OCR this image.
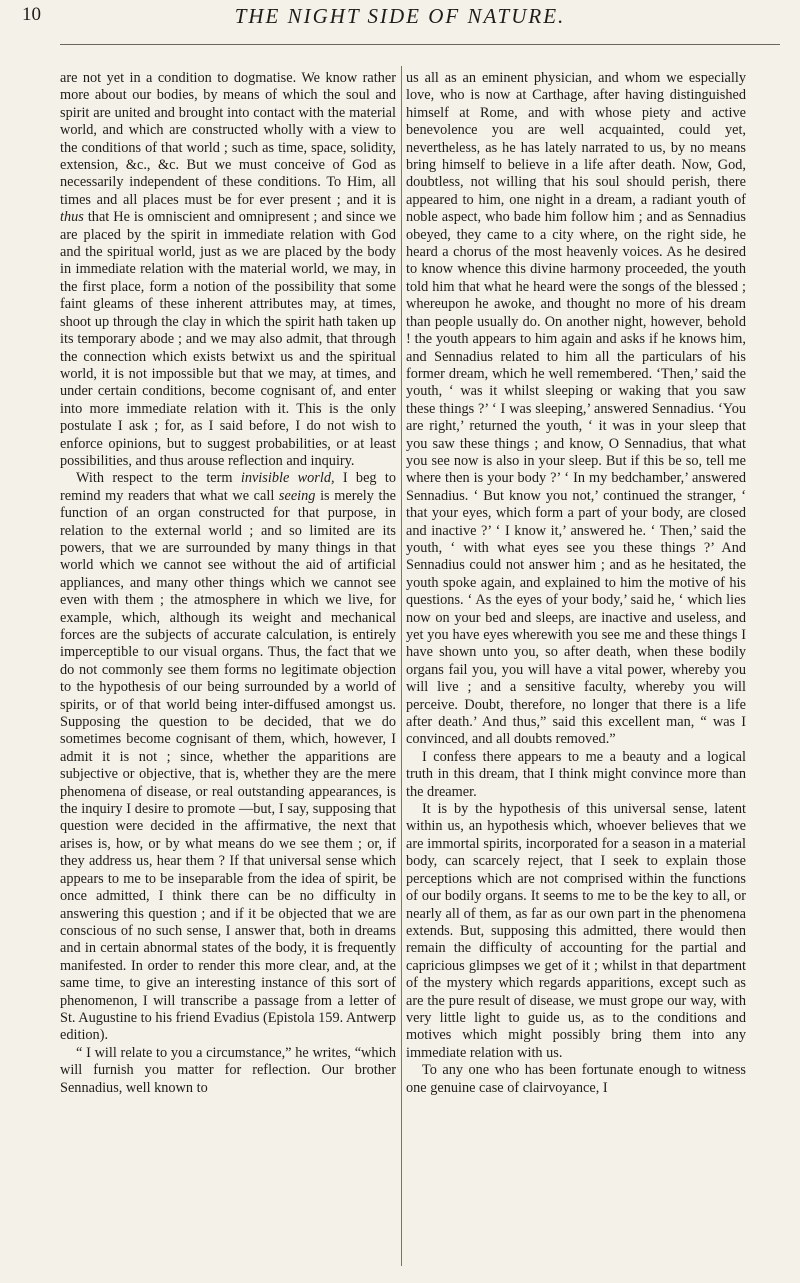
10	THE NIGHT SIDE OF NATURE.

are not yet in a condition to dogmatise. We know rather more about our bodies, by means of which the soul and spirit are united and brought into contact with the material world, and which are constructed wholly with a view to the conditions of that world ; such as time, space, solidity, extension, &c., &c. But we must conceive of God as necessarily independent of these conditions. To Him, all times and all places must be for ever present ; and it is thus that He is omniscient and omnipresent ; and since we are placed by the spirit in immediate relation with God and the spiritual world, just as we are placed by the body in immediate relation with the material world, we may, in the first place, form a notion of the possibility that some faint gleams of these inherent attributes may, at times, shoot up through the clay in which the spirit hath taken up its temporary abode ; and we may also admit, that through the connection which exists betwixt us and the spiritual world, it is not impossible but that we may, at times, and under certain conditions, become cognisant of, and enter into more immediate relation with it. This is the only postulate I ask ; for, as I said before, I do not wish to enforce opinions, but to suggest probabilities, or at least possibilities, and thus arouse reflection and inquiry.

With respect to the term invisible world, I beg to remind my readers that what we call seeing is merely the function of an organ constructed for that purpose, in relation to the external world ; and so limited are its powers, that we are surrounded by many things in that world which we cannot see without the aid of artificial appliances, and many other things which we cannot see even with them ; the atmosphere in which we live, for example, which, although its weight and mechanical forces are the subjects of accurate calculation, is entirely imperceptible to our visual organs. Thus, the fact that we do not commonly see them forms no legitimate objection to the hypothesis of our being surrounded by a world of spirits, or of that world being inter-diffused amongst us. Supposing the question to be decided, that we do sometimes become cognisant of them, which, however, I admit it is not ; since, whether the apparitions are subjective or objective, that is, whether they are the mere phenomena of disease, or real outstanding appearances, is the inquiry I desire to promote —but, I say, supposing that question were decided in the affirmative, the next that arises is, how, or by what means do we see them ; or, if they address us, hear them ? If that universal sense which appears to me to be inseparable from the idea of spirit, be once admitted, I think there can be no difficulty in answering this question ; and if it be objected that we are conscious of no such sense, I answer that, both in dreams and in certain abnormal states of the body, it is frequently manifested. In order to render this more clear, and, at the same time, to give an interesting instance of this sort of phenomenon, I will transcribe a passage from a letter of St. Augustine to his friend Evadius (Epistola 159. Antwerp edition).

“ I will relate to you a circumstance,” he writes, “which will furnish you matter for reflection. Our brother Sennadius, well known to

us all as an eminent physician, and whom we especially love, who is now at Carthage, after having distinguished himself at Rome, and with whose piety and active benevolence you are well acquainted, could yet, nevertheless, as he has lately narrated to us, by no means bring himself to believe in a life after death. Now, God, doubtless, not willing that his soul should perish, there appeared to him, one night in a dream, a radiant youth of noble aspect, who bade him follow him ; and as Sennadius obeyed, they came to a city where, on the right side, he heard a chorus of the most heavenly voices. As he desired to know whence this divine harmony proceeded, the youth told him that what he heard were the songs of the blessed ; whereupon he awoke, and thought no more of his dream than people usually do. On another night, however, behold ! the youth appears to him again and asks if he knows him, and Sennadius related to him all the particulars of his former dream, which he well remembered. ‘Then,’ said the youth, ‘ was it whilst sleeping or waking that you saw these things ?’ ‘ I was sleeping,’ answered Sennadius. ‘You are right,’ returned the youth, ‘ it was in your sleep that you saw these things ; and know, O Sennadius, that what you see now is also in your sleep. But if this be so, tell me where then is your body ?’ ‘ In my bedchamber,’ answered Sennadius. ‘ But know you not,’ continued the stranger, ‘ that your eyes, which form a part of your body, are closed and inactive ?’ ‘ I know it,’ answered he. ‘ Then,’ said the youth, ‘ with what eyes see you these things ?’ And Sennadius could not answer him ; and as he hesitated, the youth spoke again, and explained to him the motive of his questions. ‘ As the eyes of your body,’ said he, ‘ which lies now on your bed and sleeps, are inactive and useless, and yet you have eyes wherewith you see me and these things I have shown unto you, so after death, when these bodily organs fail you, you will have a vital power, whereby you will live ; and a sensitive faculty, whereby you will perceive. Doubt, therefore, no longer that there is a life after death.’ And thus,” said this excellent man, “ was I convinced, and all doubts removed.”

I confess there appears to me a beauty and a logical truth in this dream, that I think might convince more than the dreamer.

It is by the hypothesis of this universal sense, latent within us, an hypothesis which, whoever believes that we are immortal spirits, incorporated for a season in a material body, can scarcely reject, that I seek to explain those perceptions which are not comprised within the functions of our bodily organs. It seems to me to be the key to all, or nearly all of them, as far as our own part in the phenomena extends. But, supposing this admitted, there would then remain the difficulty of accounting for the partial and capricious glimpses we get of it ; whilst in that department of the mystery which regards apparitions, except such as are the pure result of disease, we must grope our way, with very little light to guide us, as to the conditions and motives which might possibly bring them into any immediate relation with us.

To any one who has been fortunate enough to witness one genuine case of clairvoyance, I
